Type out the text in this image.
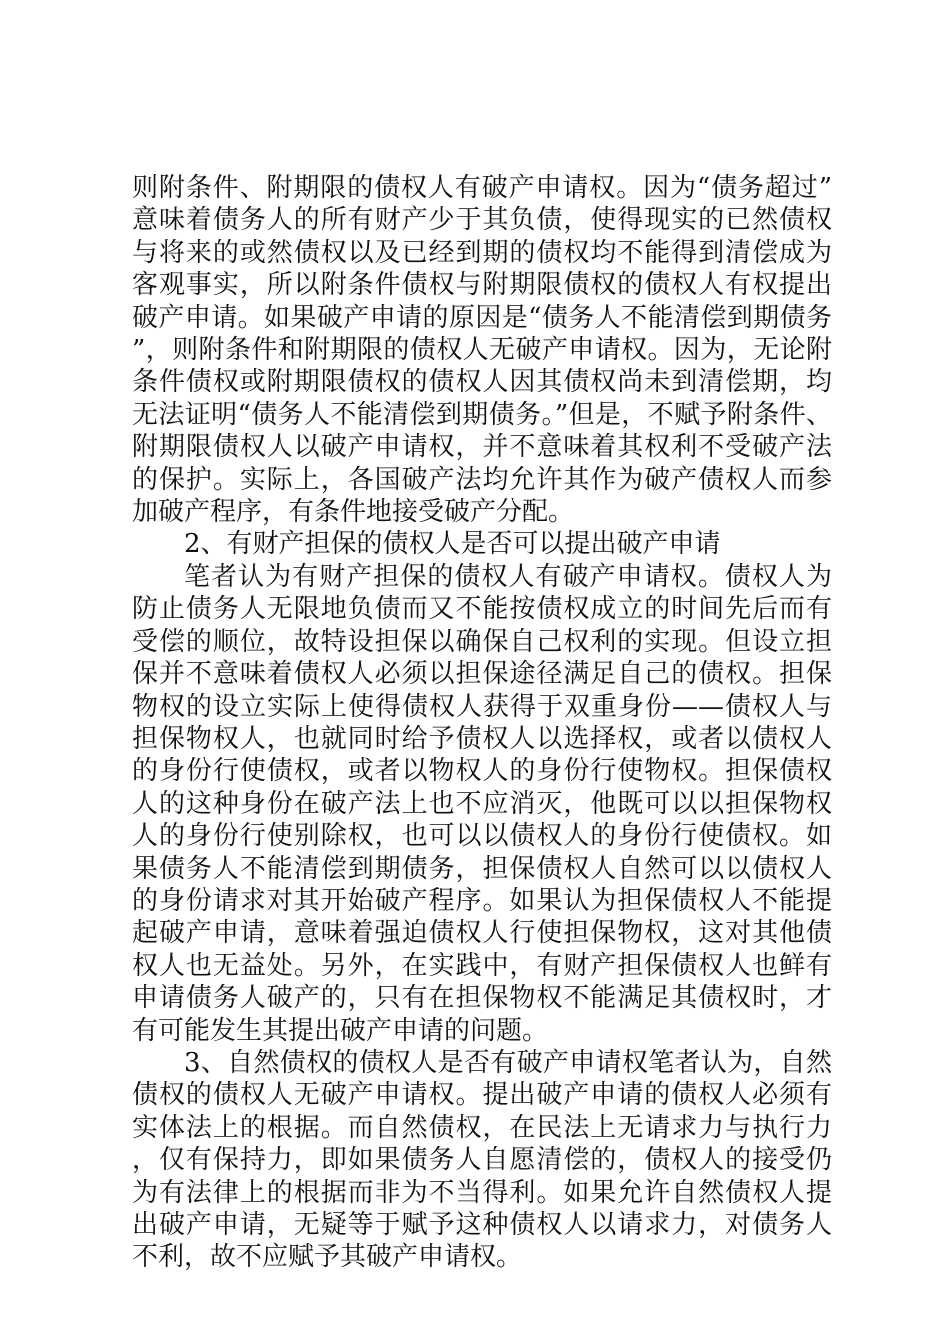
则附条件、附期限的债权人有破产申请权。因为“债务超过”意味着债务人的所有财产少于其负债，使得现实的已然债权与将来的或然债权以及已经到期的债权均不能得到清偿成为客观事实，所以附条件债权与附期限债权的债权人有权提出破产申请。如果破产申请的原因是“债务人不能清偿到期债务”，则附条件和附期限的债权人无破产申请权。因为，无论附条件债权或附期限债权的债权人因其债权尚未到清偿期，均无法证明“债务人不能清偿到期债务。”但是，不赋予附条件、附期限债权人以破产申请权，并不意味着其权利不受破产法的保护。实际上，各国破产法均允许其作为破产债权人而参加破产程序，有条件地接受破产分配。

2、有财产担保的债权人是否可以提出破产申请

笔者认为有财产担保的债权人有破产申请权。债权人为防止债务人无限地负债而又不能按债权成立的时间先后而有受偿的顺位，故特设担保以确保自己权利的实现。但设立担保并不意味着债权人必须以担保途径满足自己的债权。担保物权的设立实际上使得债权人获得于双重身份——债权人与担保物权人，也就同时给予债权人以选择权，或者以债权人的身份行使债权，或者以物权人的身份行使物权。担保债权人的这种身份在破产法上也不应消灭，他既可以以担保物权人的身份行使别除权，也可以以债权人的身份行使债权。如果债务人不能清偿到期债务，担保债权人自然可以以债权人的身份请求对其开始破产程序。如果认为担保债权人不能提起破产申请，意味着强迫债权人行使担保物权，这对其他债权人也无益处。另外，在实践中，有财产担保债权人也鲜有申请债务人破产的，只有在担保物权不能满足其债权时，才有可能发生其提出破产申请的问题。

3、自然债权的债权人是否有破产申请权笔者认为，自然债权的债权人无破产申请权。提出破产申请的债权人必须有实体法上的根据。而自然债权，在民法上无请求力与执行力，仅有保持力，即如果债务人自愿清偿的，债权人的接受仍为有法律上的根据而非为不当得利。如果允许自然债权人提出破产申请，无疑等于赋予这种债权人以请求力，对债务人不利，故不应赋予其破产申请权。
